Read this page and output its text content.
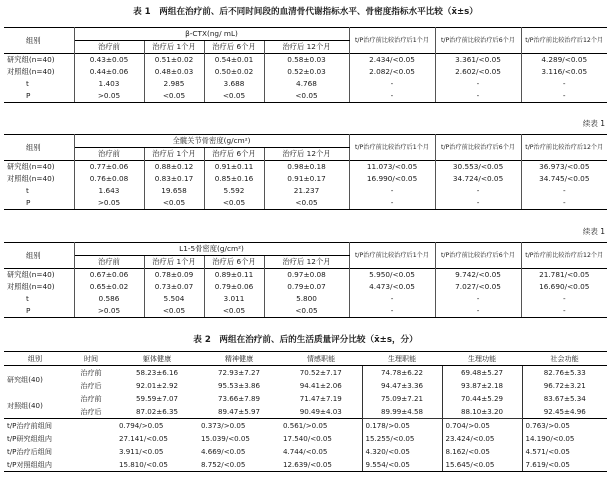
表 1　两组在治疗前、后不同时间段的血清骨代谢指标水平、骨密度指标水平比较（x̄±s）
组别	β-CTX(ng/ mL)				t/P治疗前比较治疗后1个月	t/P治疗前比较治疗后6个月	t/P治疗前比较治疗后12个月
	治疗前	治疗后 1个月	治疗后 6个月	治疗后 12个月			
研究组(n=40)	0.43±0.05	0.51±0.02	0.54±0.01	0.58±0.03	2.434/<0.05	3.361/<0.05	4.289/<0.05
对照组(n=40)	0.44±0.06	0.48±0.03	0.50±0.02	0.52±0.03	2.082/<0.05	2.602/<0.05	3.116/<0.05
t	1.403	2.985	3.688	4.768	-	-	-
P	>0.05	<0.05	<0.05	<0.05	-	-	-
续表 1
组别	全髋关节骨密度(g/cm²)				t/P治疗前比较治疗后1个月	t/P治疗前比较治疗后6个月	t/P治疗前比较治疗后12个月
	治疗前	治疗后 1个月	治疗后 6个月	治疗后 12个月			
研究组(n=40)	0.77±0.06	0.88±0.12	0.91±0.11	0.98±0.18	11.073/<0.05	30.553/<0.05	36.973/<0.05
对照组(n=40)	0.76±0.08	0.83±0.17	0.85±0.16	0.91±0.17	16.990/<0.05	34.724/<0.05	34.745/<0.05
t	1.643	19.658	5.592	21.237	-	-	-
P	>0.05	<0.05	<0.05	<0.05	-	-	-
续表 1
组别	L1-5骨密度(g/cm²)				t/P治疗前比较治疗后1个月	t/P治疗前比较治疗后6个月	t/P治疗前比较治疗后12个月
	治疗前	治疗后 1个月	治疗后 6个月	治疗后 12个月			
研究组(n=40)	0.67±0.06	0.78±0.09	0.89±0.11	0.97±0.08	5.950/<0.05	9.742/<0.05	21.781/<0.05
对照组(n=40)	0.65±0.02	0.73±0.07	0.79±0.06	0.79±0.07	4.473/<0.05	7.027/<0.05	16.690/<0.05
t	0.586	5.504	3.011	5.800	-	-	-
P	>0.05	<0.05	<0.05	<0.05	-	-	-
表 2　两组在治疗前、后的生活质量评分比较（x̄±s，分）
组别	时间	躯体健康	精神健康	情感职能	生理职能	生理功能	社会功能
研究组(40)	治疗前	58.23±6.16	72.93±7.27	70.52±7.17	74.78±6.22	69.48±5.27	82.76±5.33
	治疗后	92.01±2.92	95.53±3.86	94.41±2.06	94.47±3.36	93.87±2.18	96.72±3.21
对照组(40)	治疗前	59.59±7.07	73.66±7.89	71.47±7.19	75.09±7.21	70.44±5.29	83.67±5.34
	治疗后	87.02±6.35	89.47±5.97	90.49±4.03	89.99±4.58	88.10±3.20	92.45±4.96
t/P治疗前组间		0.794/>0.05	0.373/>0.05	0.561/>0.05	0.178/>0.05	0.704/>0.05	0.763/>0.05
t/P研究组组内		27.141/<0.05	15.039/<0.05	17.540/<0.05	15.255/<0.05	23.424/<0.05	14.190/<0.05
t/P治疗后组间		3.911/<0.05	4.669/<0.05	4.744/<0.05	4.320/<0.05	8.162/<0.05	4.571/<0.05
t/P对照组组内		15.810/<0.05	8.752/<0.05	12.639/<0.05	9.554/<0.05	15.645/<0.05	7.619/<0.05
